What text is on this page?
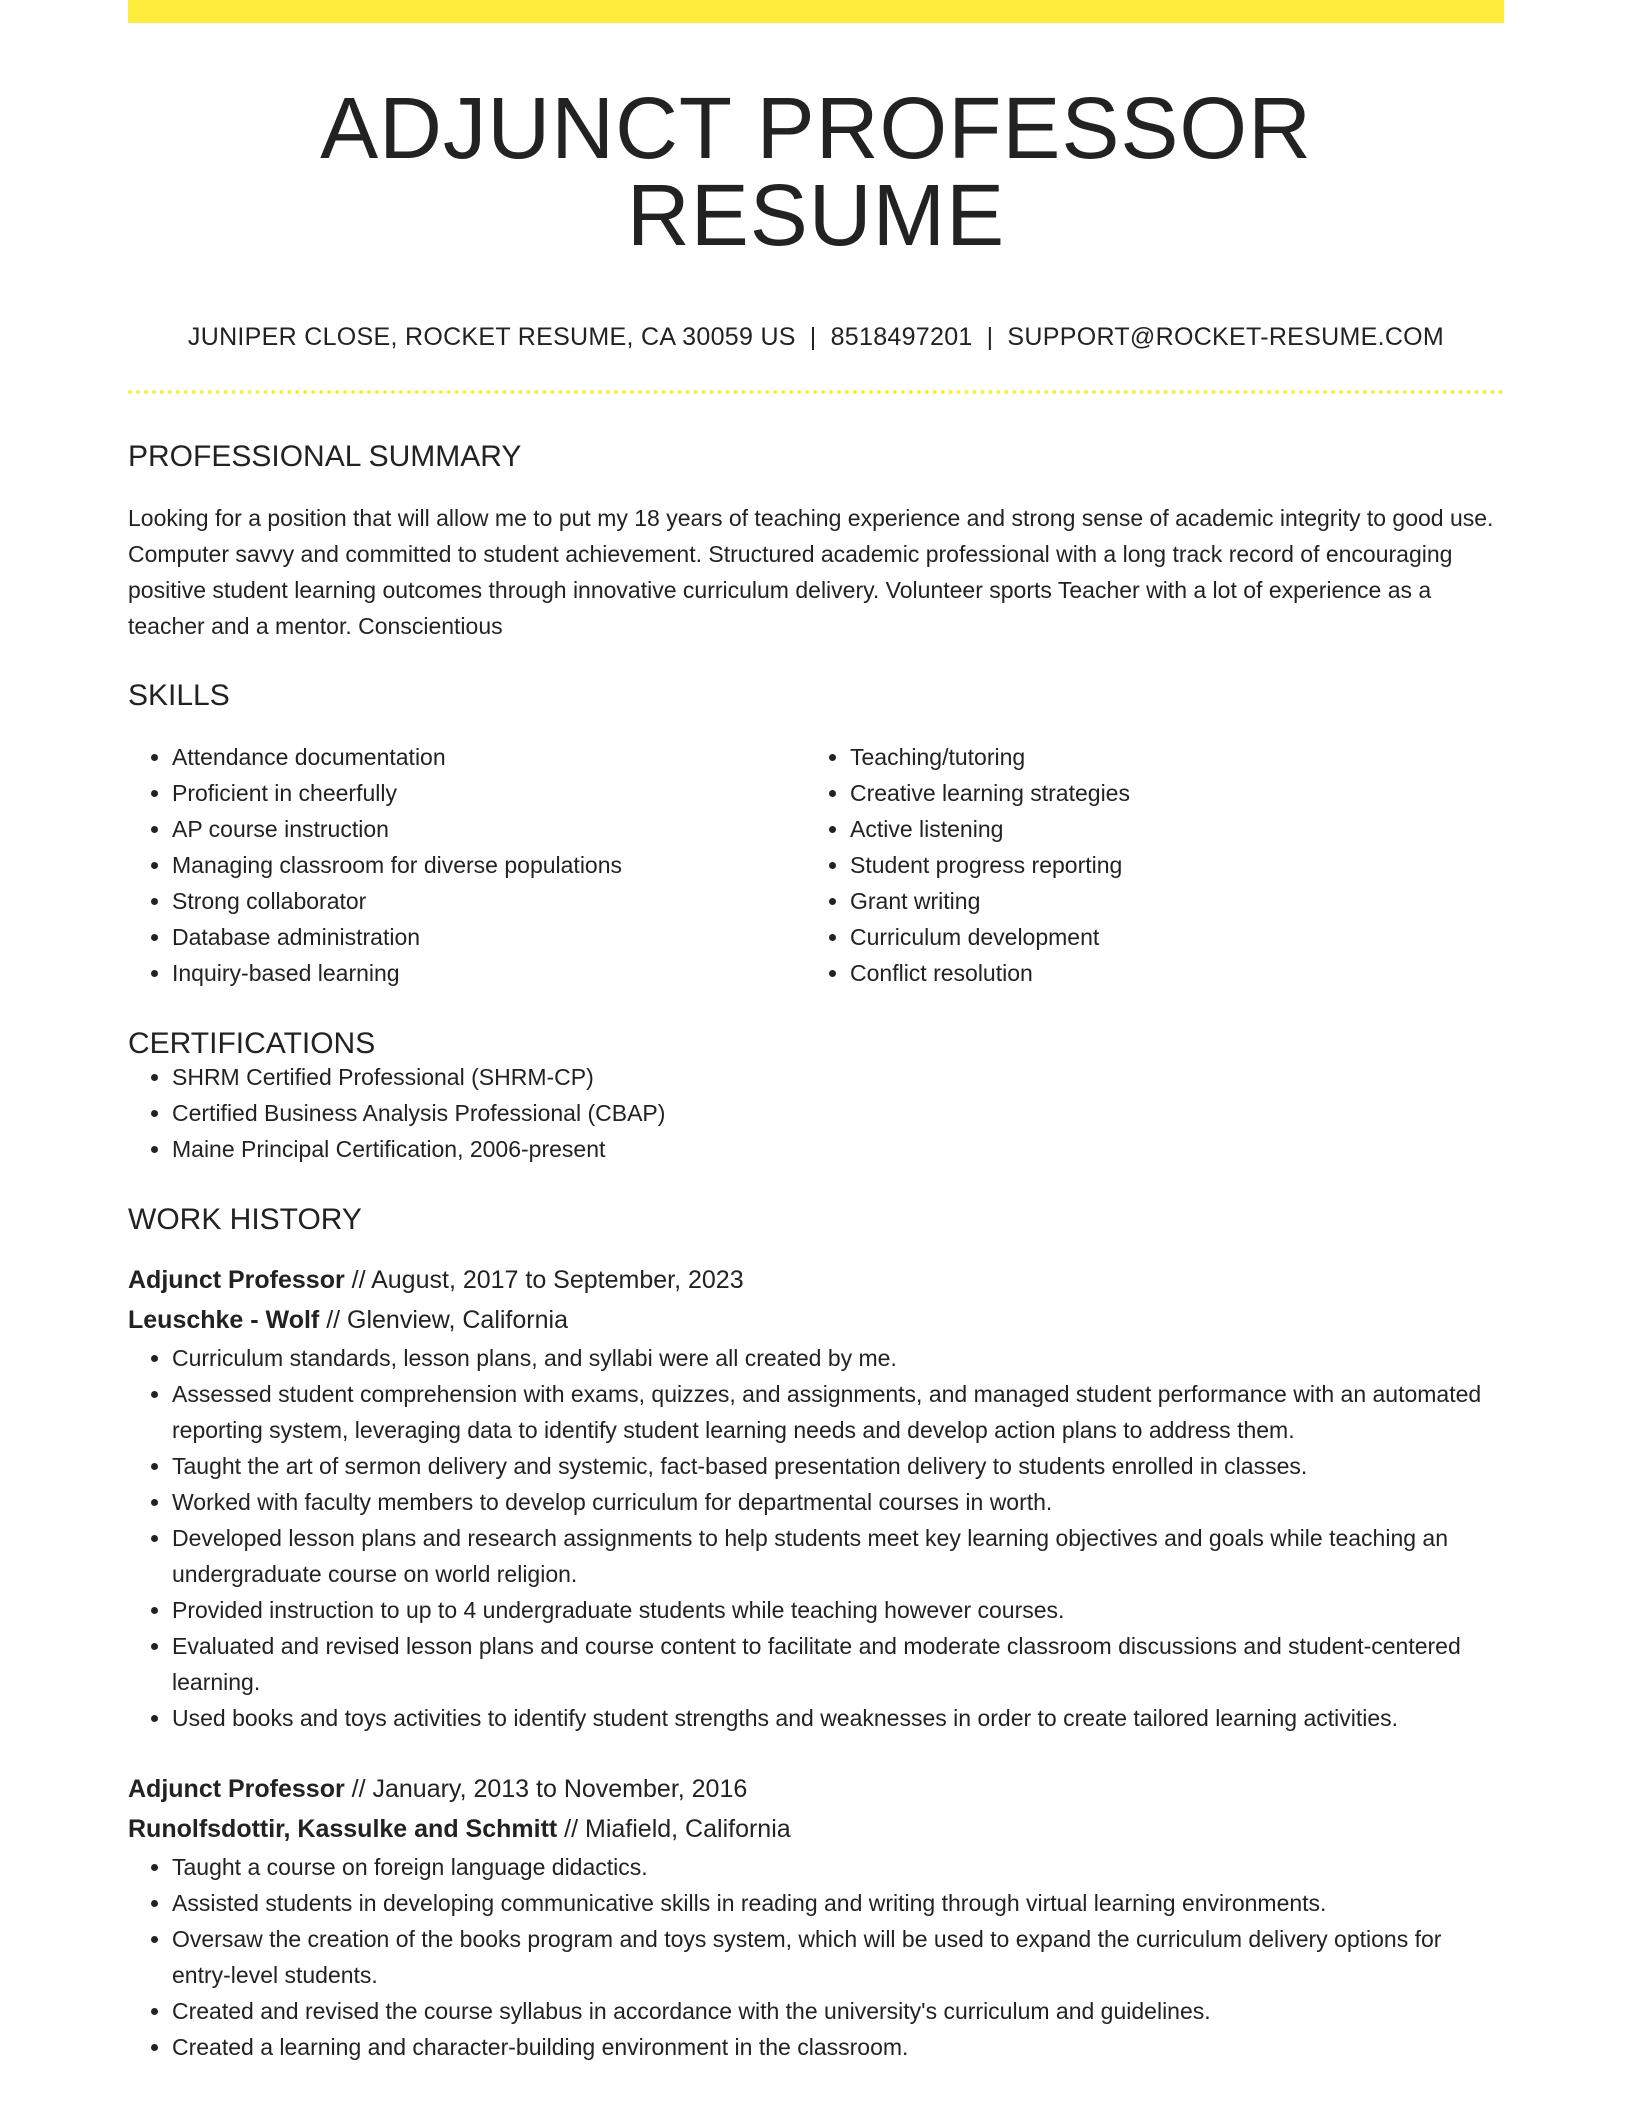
ADJUNCT PROFESSOR RESUME
JUNIPER CLOSE, ROCKET RESUME, CA 30059 US | 8518497201 | SUPPORT@ROCKET-RESUME.COM
PROFESSIONAL SUMMARY

Looking for a position that will allow me to put my 18 years of teaching experience and strong sense of academic integrity to good use. Computer savvy and committed to student achievement. Structured academic professional with a long track record of encouraging positive student learning outcomes through innovative curriculum delivery. Volunteer sports Teacher with a lot of experience as a teacher and a mentor. Conscientious

SKILLS
• Attendance documentation
• Proficient in cheerfully
• AP course instruction
• Managing classroom for diverse populations
• Strong collaborator
• Database administration
• Inquiry-based learning
• Teaching/tutoring
• Creative learning strategies
• Active listening
• Student progress reporting
• Grant writing
• Curriculum development
• Conflict resolution
CERTIFICATIONS
• SHRM Certified Professional (SHRM-CP)
• Certified Business Analysis Professional (CBAP)
• Maine Principal Certification, 2006-present
WORK HISTORY
Adjunct Professor // August, 2017 to September, 2023
Leuschke - Wolf // Glenview, California
• Curriculum standards, lesson plans, and syllabi were all created by me.
• Assessed student comprehension with exams, quizzes, and assignments, and managed student performance with an automated reporting system, leveraging data to identify student learning needs and develop action plans to address them.
• Taught the art of sermon delivery and systemic, fact-based presentation delivery to students enrolled in classes.
• Worked with faculty members to develop curriculum for departmental courses in worth.
• Developed lesson plans and research assignments to help students meet key learning objectives and goals while teaching an undergraduate course on world religion.
• Provided instruction to up to 4 undergraduate students while teaching however courses.
• Evaluated and revised lesson plans and course content to facilitate and moderate classroom discussions and student-centered learning.
• Used books and toys activities to identify student strengths and weaknesses in order to create tailored learning activities.
Adjunct Professor // January, 2013 to November, 2016
Runolfsdottir, Kassulke and Schmitt // Miafield, California
• Taught a course on foreign language didactics.
• Assisted students in developing communicative skills in reading and writing through virtual learning environments.
• Oversaw the creation of the books program and toys system, which will be used to expand the curriculum delivery options for entry-level students.
• Created and revised the course syllabus in accordance with the university's curriculum and guidelines.
• Created a learning and character-building environment in the classroom.
